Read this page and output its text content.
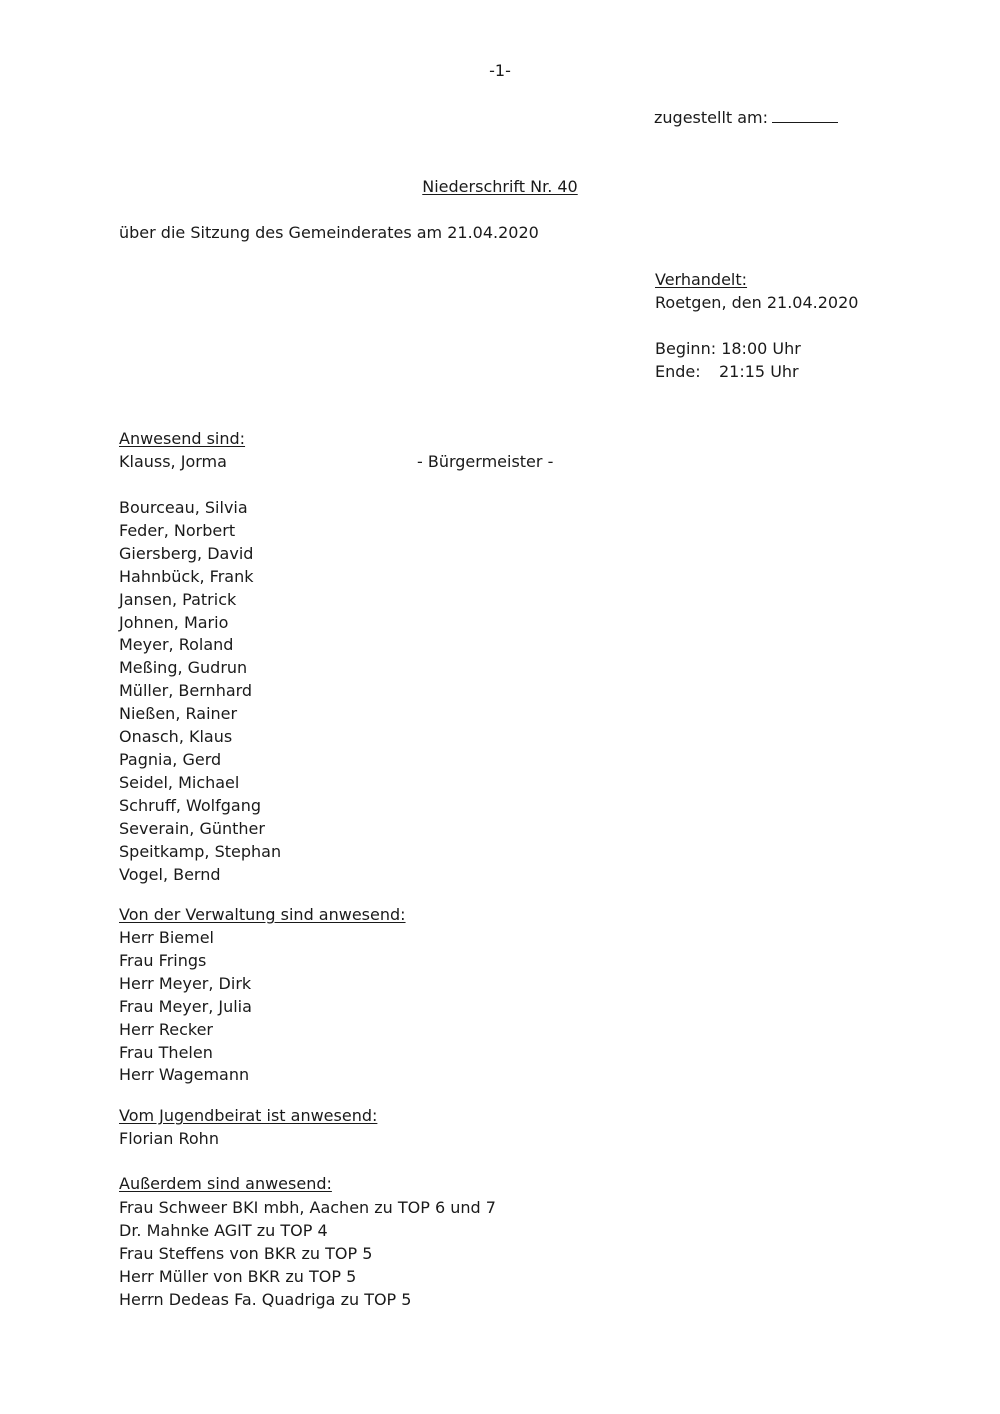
-1-
zugestellt am:
Niederschrift Nr. 40
über die Sitzung des Gemeinderates am 21.04.2020
Verhandelt:
Roetgen, den 21.04.2020
Beginn: 18:00 Uhr
Ende: 21:15 Uhr
Anwesend sind:
Klauss, Jorma	- Bürgermeister -
Bourceau, Silvia
Feder, Norbert
Giersberg, David
Hahnbück, Frank
Jansen, Patrick
Johnen, Mario
Meyer, Roland
Meßing, Gudrun
Müller, Bernhard
Nießen, Rainer
Onasch, Klaus
Pagnia, Gerd
Seidel, Michael
Schruff, Wolfgang
Severain, Günther
Speitkamp, Stephan
Vogel, Bernd
Von der Verwaltung sind anwesend:
Herr Biemel
Frau Frings
Herr Meyer, Dirk
Frau Meyer, Julia
Herr Recker
Frau Thelen
Herr Wagemann
Vom Jugendbeirat ist anwesend:
Florian Rohn
Außerdem sind anwesend:
Frau Schweer BKI mbh, Aachen zu TOP 6 und 7
Dr. Mahnke AGIT zu TOP 4
Frau Steffens von BKR zu TOP 5
Herr Müller von BKR zu TOP 5
Herrn Dedeas Fa. Quadriga zu TOP 5
